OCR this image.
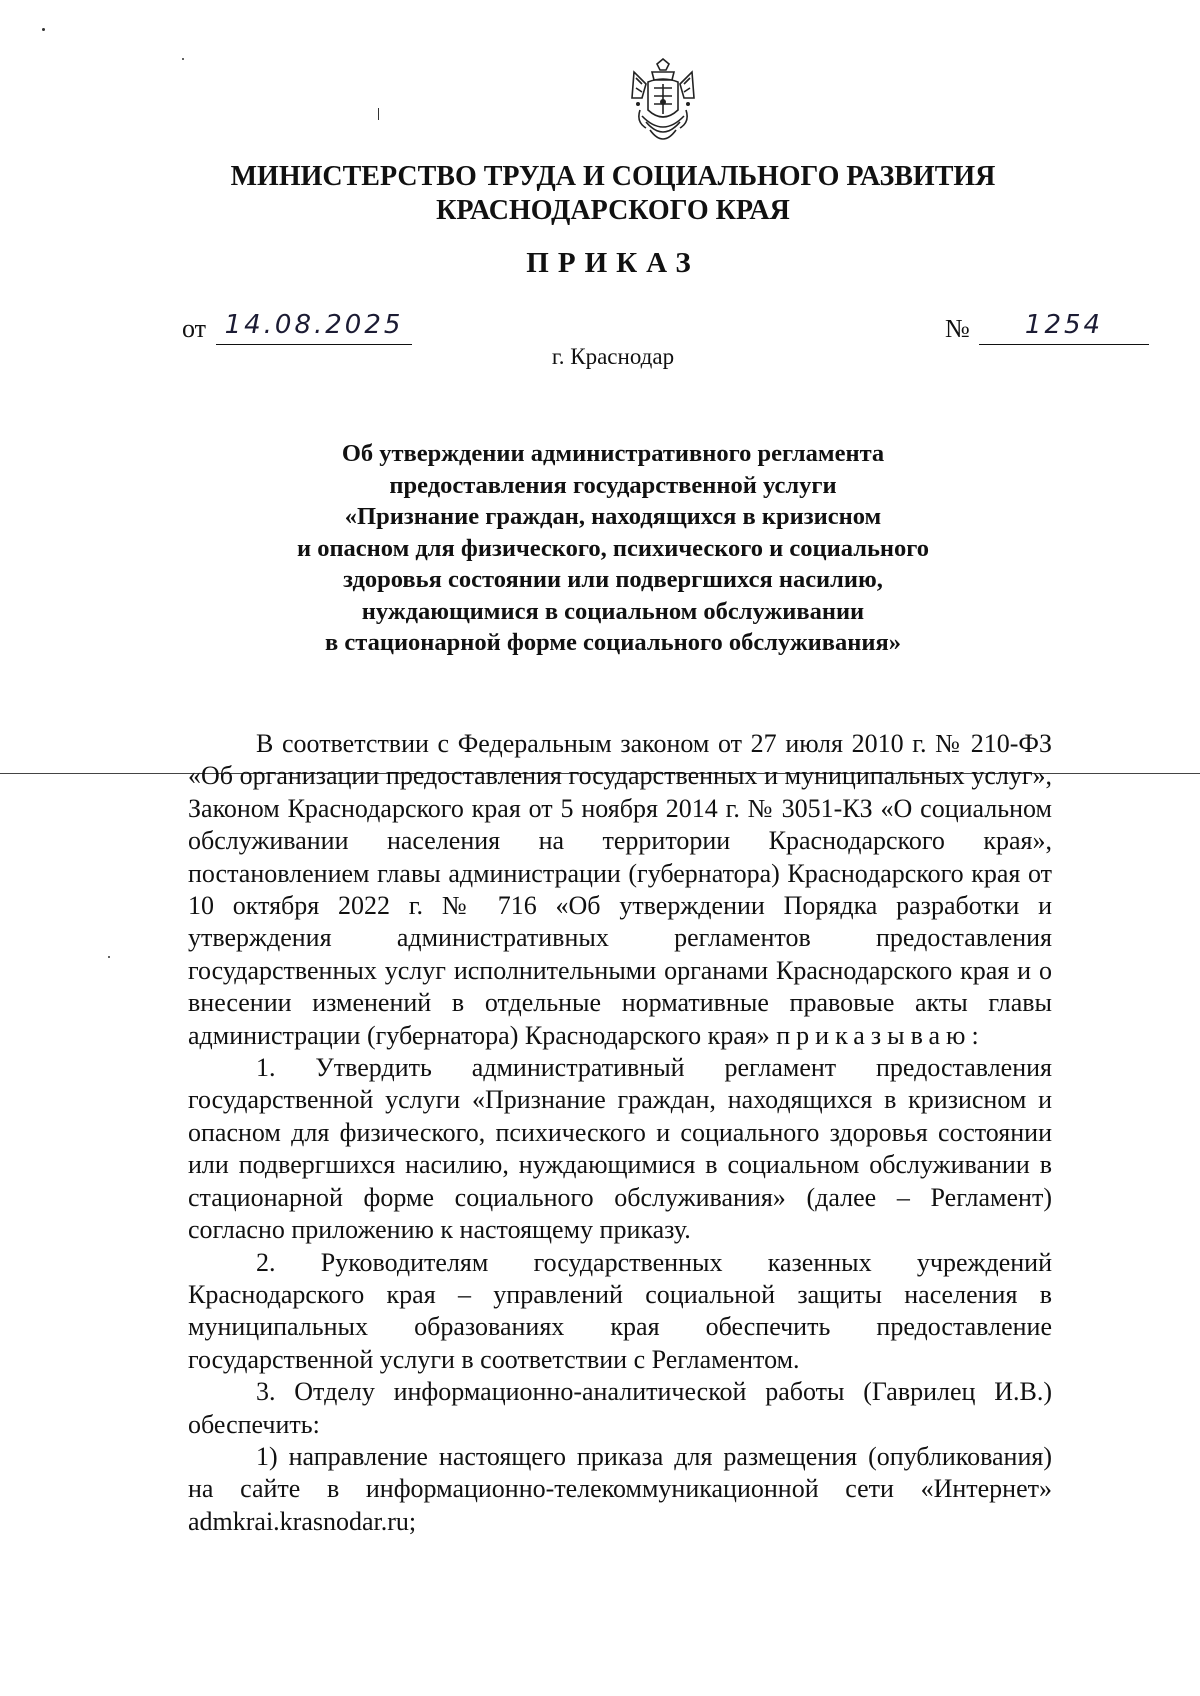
МИНИСТЕРСТВО ТРУДА И СОЦИАЛЬНОГО РАЗВИТИЯ
КРАСНОДАРСКОГО КРАЯ
ПРИКАЗ
от 14.08.2025	№	1254
г. Краснодар
Об утверждении административного регламента
предоставления государственной услуги
«Признание граждан, находящихся в кризисном
и опасном для физического, психического и социального
здоровья состоянии или подвергшихся насилию,
нуждающимися в социальном обслуживании
в стационарной форме социального обслуживания»

В соответствии с Федеральным законом от 27 июля 2010 г. № 210-ФЗ «Об организации предоставления государственных и муниципальных услуг», Законом Краснодарского края от 5 ноября 2014 г. № 3051-КЗ «О социальном обслуживании населения на территории Краснодарского края», постановлением главы администрации (губернатора) Краснодарского края от 10 октября 2022 г. № 716 «Об утверждении Порядка разработки и утверждения административных регламентов предоставления государственных услуг исполнительными органами Краснодарского края и о внесении изменений в отдельные нормативные правовые акты главы администрации (губернатора) Краснодарского края» приказываю:

1. Утвердить административный регламент предоставления государственной услуги «Признание граждан, находящихся в кризисном и опасном для физического, психического и социального здоровья состоянии или подвергшихся насилию, нуждающимися в социальном обслуживании в стационарной форме социального обслуживания» (далее – Регламент) согласно приложению к настоящему приказу.

2. Руководителям государственных казенных учреждений Краснодарского края – управлений социальной защиты населения в муниципальных образованиях края обеспечить предоставление государственной услуги в соответствии с Регламентом.

3. Отделу информационно-аналитической работы (Гаврилец И.В.) обеспечить:

1) направление настоящего приказа для размещения (опубликования) на сайте в информационно-телекоммуникационной сети «Интернет» admkrai.krasnodar.ru;
